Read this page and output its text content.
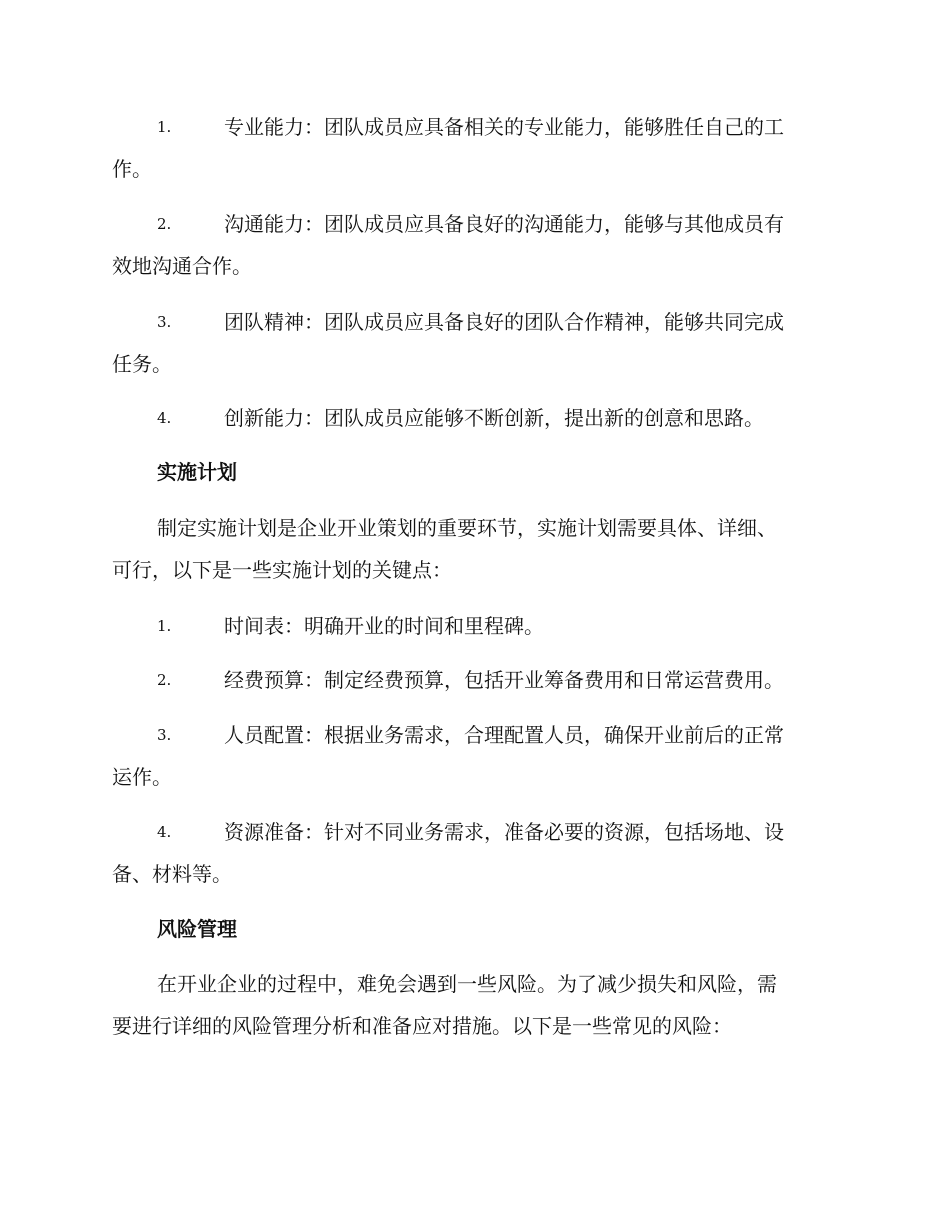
1.	专业能力：团队成员应具备相关的专业能力，能够胜任自己的工
作。
2.	沟通能力：团队成员应具备良好的沟通能力，能够与其他成员有
效地沟通合作。
3.	团队精神：团队成员应具备良好的团队合作精神，能够共同完成
任务。
4.	创新能力：团队成员应能够不断创新，提出新的创意和思路。
实施计划
制定实施计划是企业开业策划的重要环节，实施计划需要具体、详细、
可行，以下是一些实施计划的关键点：
1.	时间表：明确开业的时间和里程碑。
2.	经费预算：制定经费预算，包括开业筹备费用和日常运营费用。
3.	人员配置：根据业务需求，合理配置人员，确保开业前后的正常
运作。
4.	资源准备：针对不同业务需求，准备必要的资源，包括场地、设
备、材料等。
风险管理
在开业企业的过程中，难免会遇到一些风险。为了减少损失和风险，需
要进行详细的风险管理分析和准备应对措施。以下是一些常见的风险：
